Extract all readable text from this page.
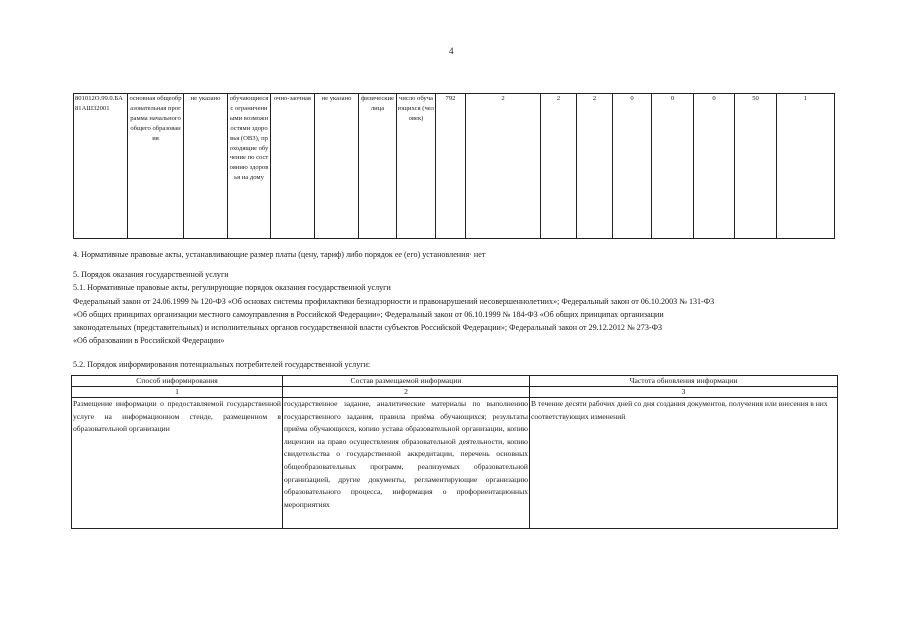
4
801012О.99.0.БА81АШ32001	основная общеобразовательная программа начального общего образования	не указано	обучающиеся с ограниченными возможностями здоровья (ОВЗ), проходящие обучение по состоянию здоровья на дому	очно-заочная	не указано	физические лица	число обучающихся (человек)	792	2	2	2	0	0	0	50	1
4. Нормативные правовые акты, устанавливающие размер платы (цену, тариф) либо порядок ее (его) установления· нет
5. Порядок оказания государственной услуги
5.1. Нормативные правовые акты, регулирующие порядок оказания государственной услуги
Федеральный закон от 24.06.1999 № 120-ФЗ «Об основах системы профилактики безнадзорности и правонарушений несовершеннолетних»; Федеральный закон от 06.10.2003 № 131-ФЗ
«Об общих принципах организации местного самоуправления в Российской Федерации»; Федеральный закон от 06.10.1999 № 184-ФЗ «Об общих принципах организации
законодательных (представительных) и исполнительных органов государственной власти субъектов Российской Федерации»; Федеральный закон от 29.12.2012 № 273-ФЗ
«Об образовании в Российской Федерации»
5.2. Порядок информирования потенциальных потребителей государственной услуги:
Способ информирования	Состав размещаемой информации	Частота обновления информации
1	2	3
Размещение информации о предоставляемой государственной услуге на информационном стенде, размещенном в образовательной организации	государственное задание, аналитические материалы по выполнению государственного задания, правила приёма обучающихся; результаты приёма обучающихся, копию устава образовательной организации, копию лицензии на право осуществления образовательной деятельности, копию свидетельства о государственной аккредитации, перечень основных общеобразовательных программ, реализуемых образовательной организацией, другие документы, регламентирующие организацию образовательного процесса, информация о профориентационных мероприятиях	В течение десяти рабочих дней со дня создания документов, получения или внесения в них соответствующих изменений
